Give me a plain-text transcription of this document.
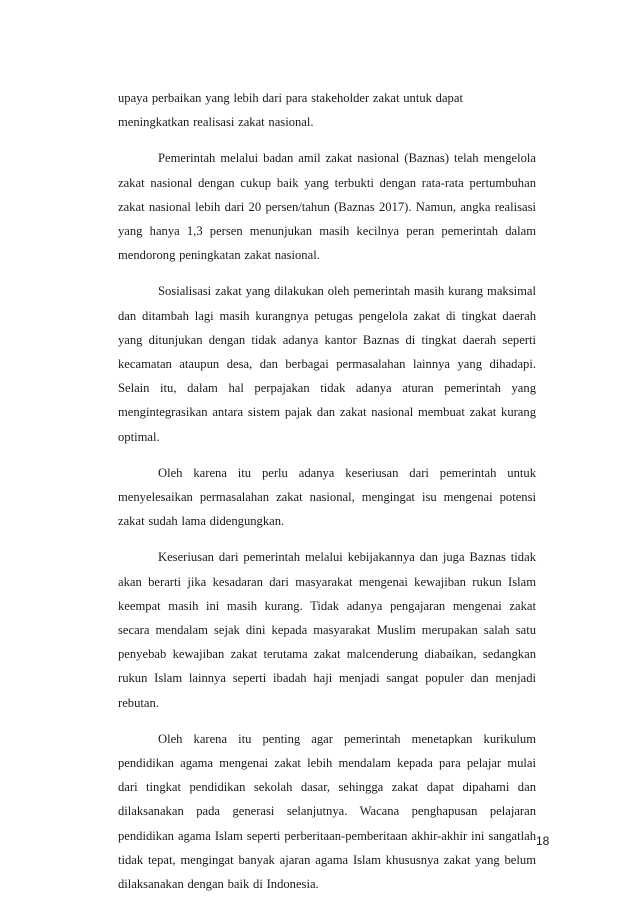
upaya perbaikan yang lebih dari para stakeholder zakat untuk dapat meningkatkan realisasi zakat nasional.

Pemerintah melalui badan amil zakat nasional (Baznas) telah mengelola zakat nasional dengan cukup baik yang terbukti dengan rata-rata pertumbuhan zakat nasional lebih dari 20 persen/tahun (Baznas 2017). Namun, angka realisasi yang hanya 1,3 persen menunjukan masih kecilnya peran pemerintah dalam mendorong peningkatan zakat nasional.

Sosialisasi zakat yang dilakukan oleh pemerintah masih kurang maksimal dan ditambah lagi masih kurangnya petugas pengelola zakat di tingkat daerah yang ditunjukan dengan tidak adanya kantor Baznas di tingkat daerah seperti kecamatan ataupun desa, dan berbagai permasalahan lainnya yang dihadapi. Selain itu, dalam hal perpajakan tidak adanya aturan pemerintah yang mengintegrasikan antara sistem pajak dan zakat nasional membuat zakat kurang optimal.

Oleh karena itu perlu adanya keseriusan dari pemerintah untuk menyelesaikan permasalahan zakat nasional, mengingat isu mengenai potensi zakat sudah lama didengungkan.

Keseriusan dari pemerintah melalui kebijakannya dan juga Baznas tidak akan berarti jika kesadaran dari masyarakat mengenai kewajiban rukun Islam keempat masih ini masih kurang. Tidak adanya pengajaran mengenai zakat secara mendalam sejak dini kepada masyarakat Muslim merupakan salah satu penyebab kewajiban zakat terutama zakat malcenderung diabaikan, sedangkan rukun Islam lainnya seperti ibadah haji menjadi sangat populer dan menjadi rebutan.

Oleh karena itu penting agar pemerintah menetapkan kurikulum pendidikan agama mengenai zakat lebih mendalam kepada para pelajar mulai dari tingkat pendidikan sekolah dasar, sehingga zakat dapat dipahami dan dilaksanakan pada generasi selanjutnya. Wacana penghapusan pelajaran pendidikan agama Islam seperti perberitaan-pemberitaan akhir-akhir ini sangatlah tidak tepat, mengingat banyak ajaran agama Islam khususnya zakat yang belum dilaksanakan dengan baik di Indonesia.

18
